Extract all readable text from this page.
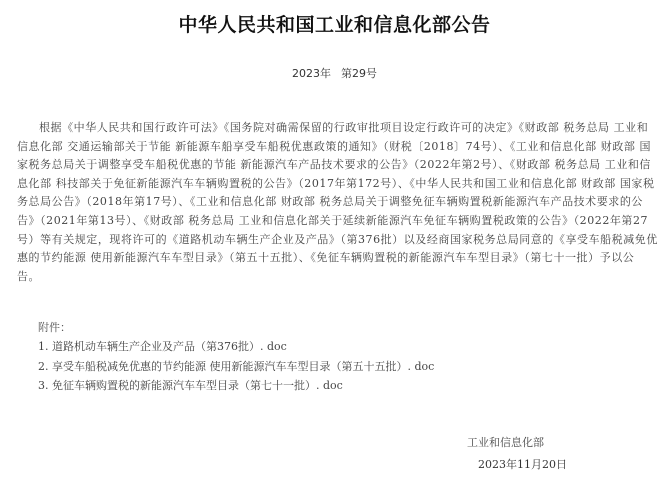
中华人民共和国工业和信息化部公告
2023年 第29号
根据《中华人民共和国行政许可法》《国务院对确需保留的行政审批项目设定行政许可的决定》《财政部 税务总局 工业和
信息化部 交通运输部关于节能 新能源车船享受车船税优惠政策的通知》（财税〔2018〕74号）、《工业和信息化部 财政部 国
家税务总局关于调整享受车船税优惠的节能 新能源汽车产品技术要求的公告》（2022年第2号）、《财政部 税务总局 工业和信
息化部 科技部关于免征新能源汽车车辆购置税的公告》（2017年第172号）、《中华人民共和国工业和信息化部 财政部 国家税
务总局公告》（2018年第17号）、《工业和信息化部 财政部 税务总局关于调整免征车辆购置税新能源汽车产品技术要求的公
告》（2021年第13号）、《财政部 税务总局 工业和信息化部关于延续新能源汽车免征车辆购置税政策的公告》（2022年第27
号）等有关规定，现将许可的《道路机动车辆生产企业及产品》（第376批）以及经商国家税务总局同意的《享受车船税减免优
惠的节约能源 使用新能源汽车车型目录》（第五十五批）、《免征车辆购置税的新能源汽车车型目录》（第七十一批）予以公
告。
附件：
1. 道路机动车辆生产企业及产品（第376批）. doc
2. 享受车船税减免优惠的节约能源 使用新能源汽车车型目录（第五十五批）. doc
3. 免征车辆购置税的新能源汽车车型目录（第七十一批）. doc
工业和信息化部
2023年11月20日
